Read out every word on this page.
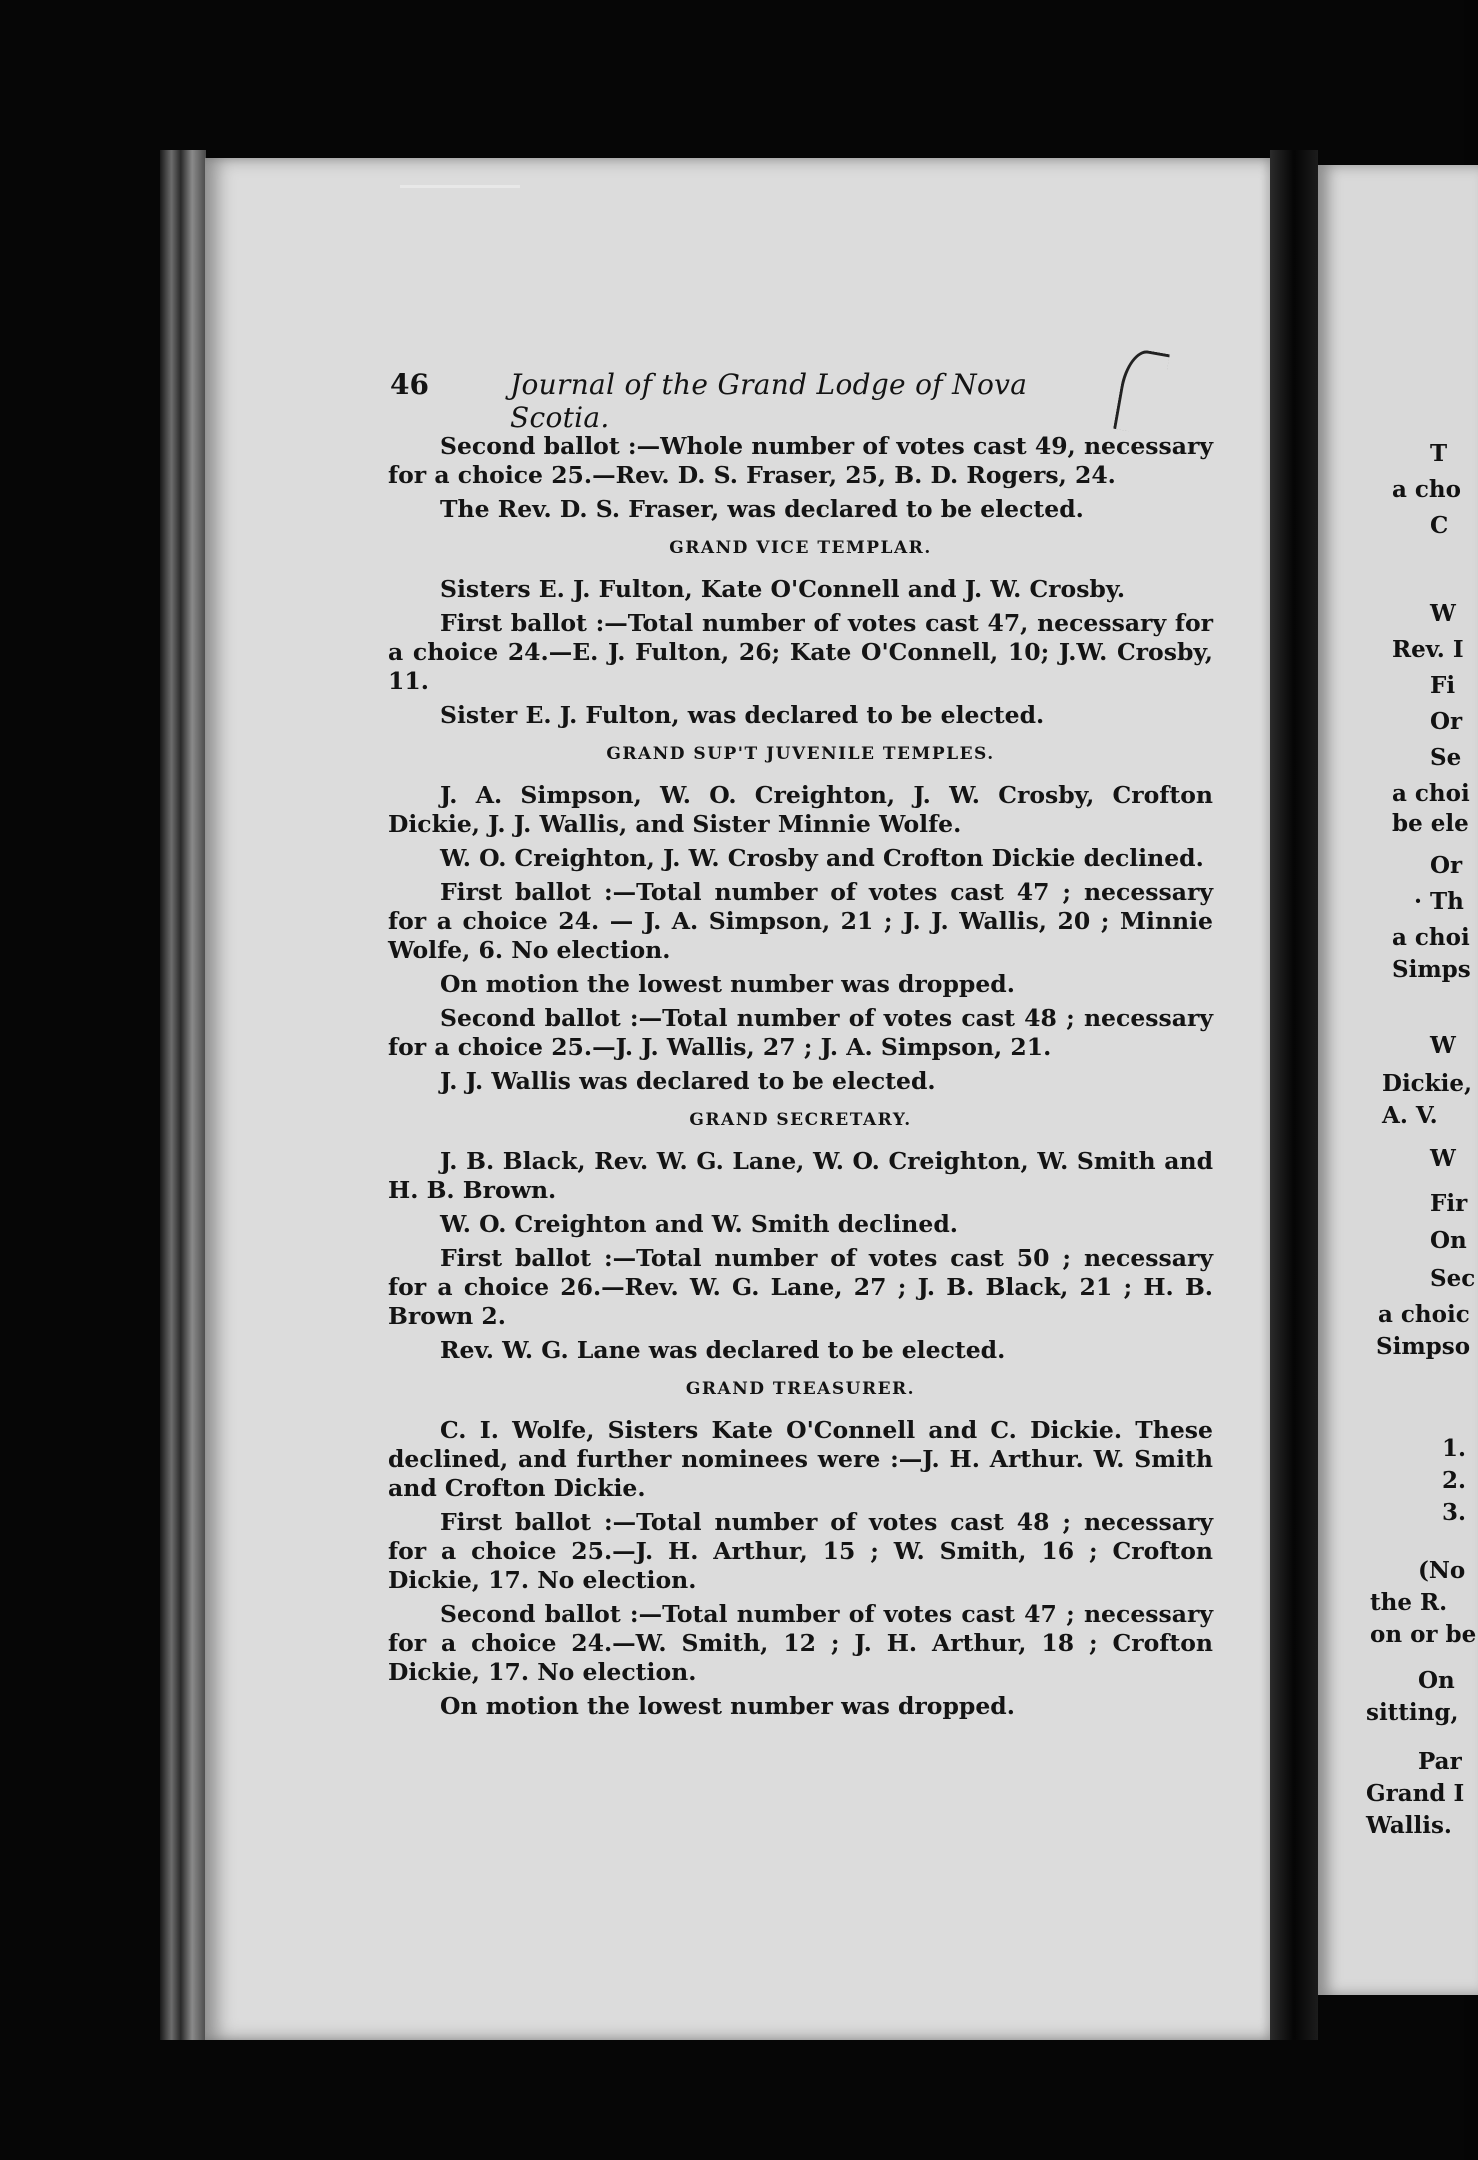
46	Journal of the Grand Lodge of Nova Scotia.

Second ballot :—Whole number of votes cast 49, necessary for a choice 25.—Rev. D. S. Fraser, 25, B. D. Rogers, 24.

The Rev. D. S. Fraser, was declared to be elected.

GRAND VICE TEMPLAR.

Sisters E. J. Fulton, Kate O'Connell and J. W. Crosby.

First ballot :—Total number of votes cast 47, necessary for a choice 24.—E. J. Fulton, 26; Kate O'Connell, 10; J.W. Crosby, 11.

Sister E. J. Fulton, was declared to be elected.

GRAND SUP'T JUVENILE TEMPLES.

J. A. Simpson, W. O. Creighton, J. W. Crosby, Crofton Dickie, J. J. Wallis, and Sister Minnie Wolfe.

W. O. Creighton, J. W. Crosby and Crofton Dickie declined.

First ballot :—Total number of votes cast 47 ; necessary for a choice 24. — J. A. Simpson, 21 ; J. J. Wallis, 20 ; Minnie Wolfe, 6. No election.

On motion the lowest number was dropped.

Second ballot :—Total number of votes cast 48 ; necessary for a choice 25.—J. J. Wallis, 27 ; J. A. Simpson, 21.

J. J. Wallis was declared to be elected.

GRAND SECRETARY.

J. B. Black, Rev. W. G. Lane, W. O. Creighton, W. Smith and H. B. Brown.

W. O. Creighton and W. Smith declined.

First ballot :—Total number of votes cast 50 ; necessary for a choice 26.—Rev. W. G. Lane, 27 ; J. B. Black, 21 ; H. B. Brown 2.

Rev. W. G. Lane was declared to be elected.

GRAND TREASURER.

C. I. Wolfe, Sisters Kate O'Connell and C. Dickie. These declined, and further nominees were :—J. H. Arthur. W. Smith and Crofton Dickie.

First ballot :—Total number of votes cast 48 ; necessary for a choice 25.—J. H. Arthur, 15 ; W. Smith, 16 ; Crofton Dickie, 17. No election.

Second ballot :—Total number of votes cast 47 ; necessary for a choice 24.—W. Smith, 12 ; J. H. Arthur, 18 ; Crofton Dickie, 17. No election.

On motion the lowest number was dropped.

T
a cho
C
W
Rev. I
Fi
Or
Se
a choi
be ele
Or
· Th
a choi
Simps
W
Dickie,
A. V.
W
Fir
On
Sec
a choic
Simpso
1.
2.
3.
(No
the R.
on or be
On
sitting,
Par
Grand I
Wallis.
